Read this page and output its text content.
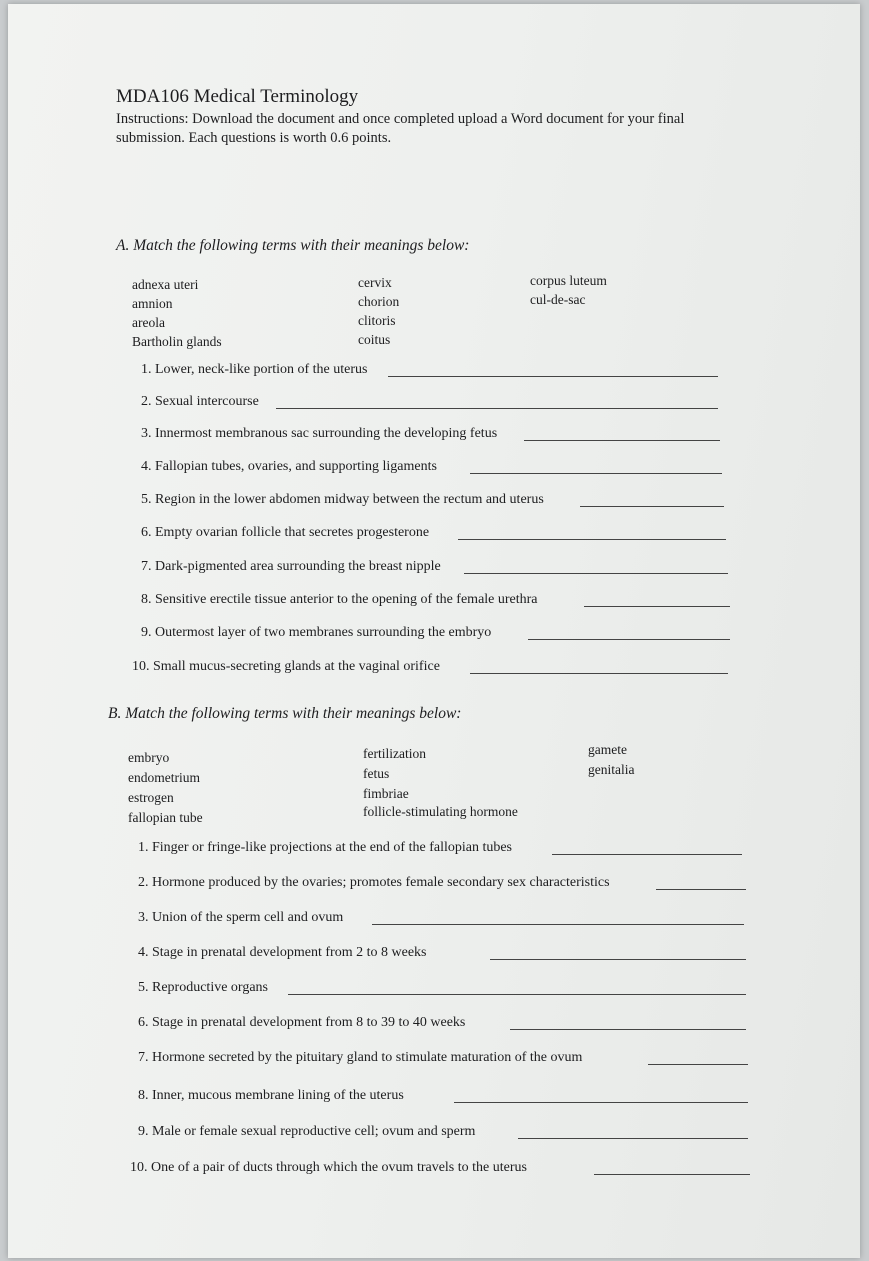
MDA106 Medical Terminology
Instructions: Download the document and once completed upload a Word document for your final submission. Each questions is worth 0.6 points.
A. Match the following terms with their meanings below:
adnexa uteri
amnion
areola
Bartholin glands
cervix
chorion
clitoris
coitus
corpus luteum
cul-de-sac
1. Lower, neck-like portion of the uterus
2. Sexual intercourse
3. Innermost membranous sac surrounding the developing fetus
4. Fallopian tubes, ovaries, and supporting ligaments
5. Region in the lower abdomen midway between the rectum and uterus
6. Empty ovarian follicle that secretes progesterone
7. Dark-pigmented area surrounding the breast nipple
8. Sensitive erectile tissue anterior to the opening of the female urethra
9. Outermost layer of two membranes surrounding the embryo
10. Small mucus-secreting glands at the vaginal orifice
B. Match the following terms with their meanings below:
embryo
endometrium
estrogen
fallopian tube
fertilization
fetus
fimbriae
follicle-stimulating hormone
gamete
genitalia
1. Finger or fringe-like projections at the end of the fallopian tubes
2. Hormone produced by the ovaries; promotes female secondary sex characteristics
3. Union of the sperm cell and ovum
4. Stage in prenatal development from 2 to 8 weeks
5. Reproductive organs
6. Stage in prenatal development from 8 to 39 to 40 weeks
7. Hormone secreted by the pituitary gland to stimulate maturation of the ovum
8. Inner, mucous membrane lining of the uterus
9. Male or female sexual reproductive cell; ovum and sperm
10. One of a pair of ducts through which the ovum travels to the uterus
